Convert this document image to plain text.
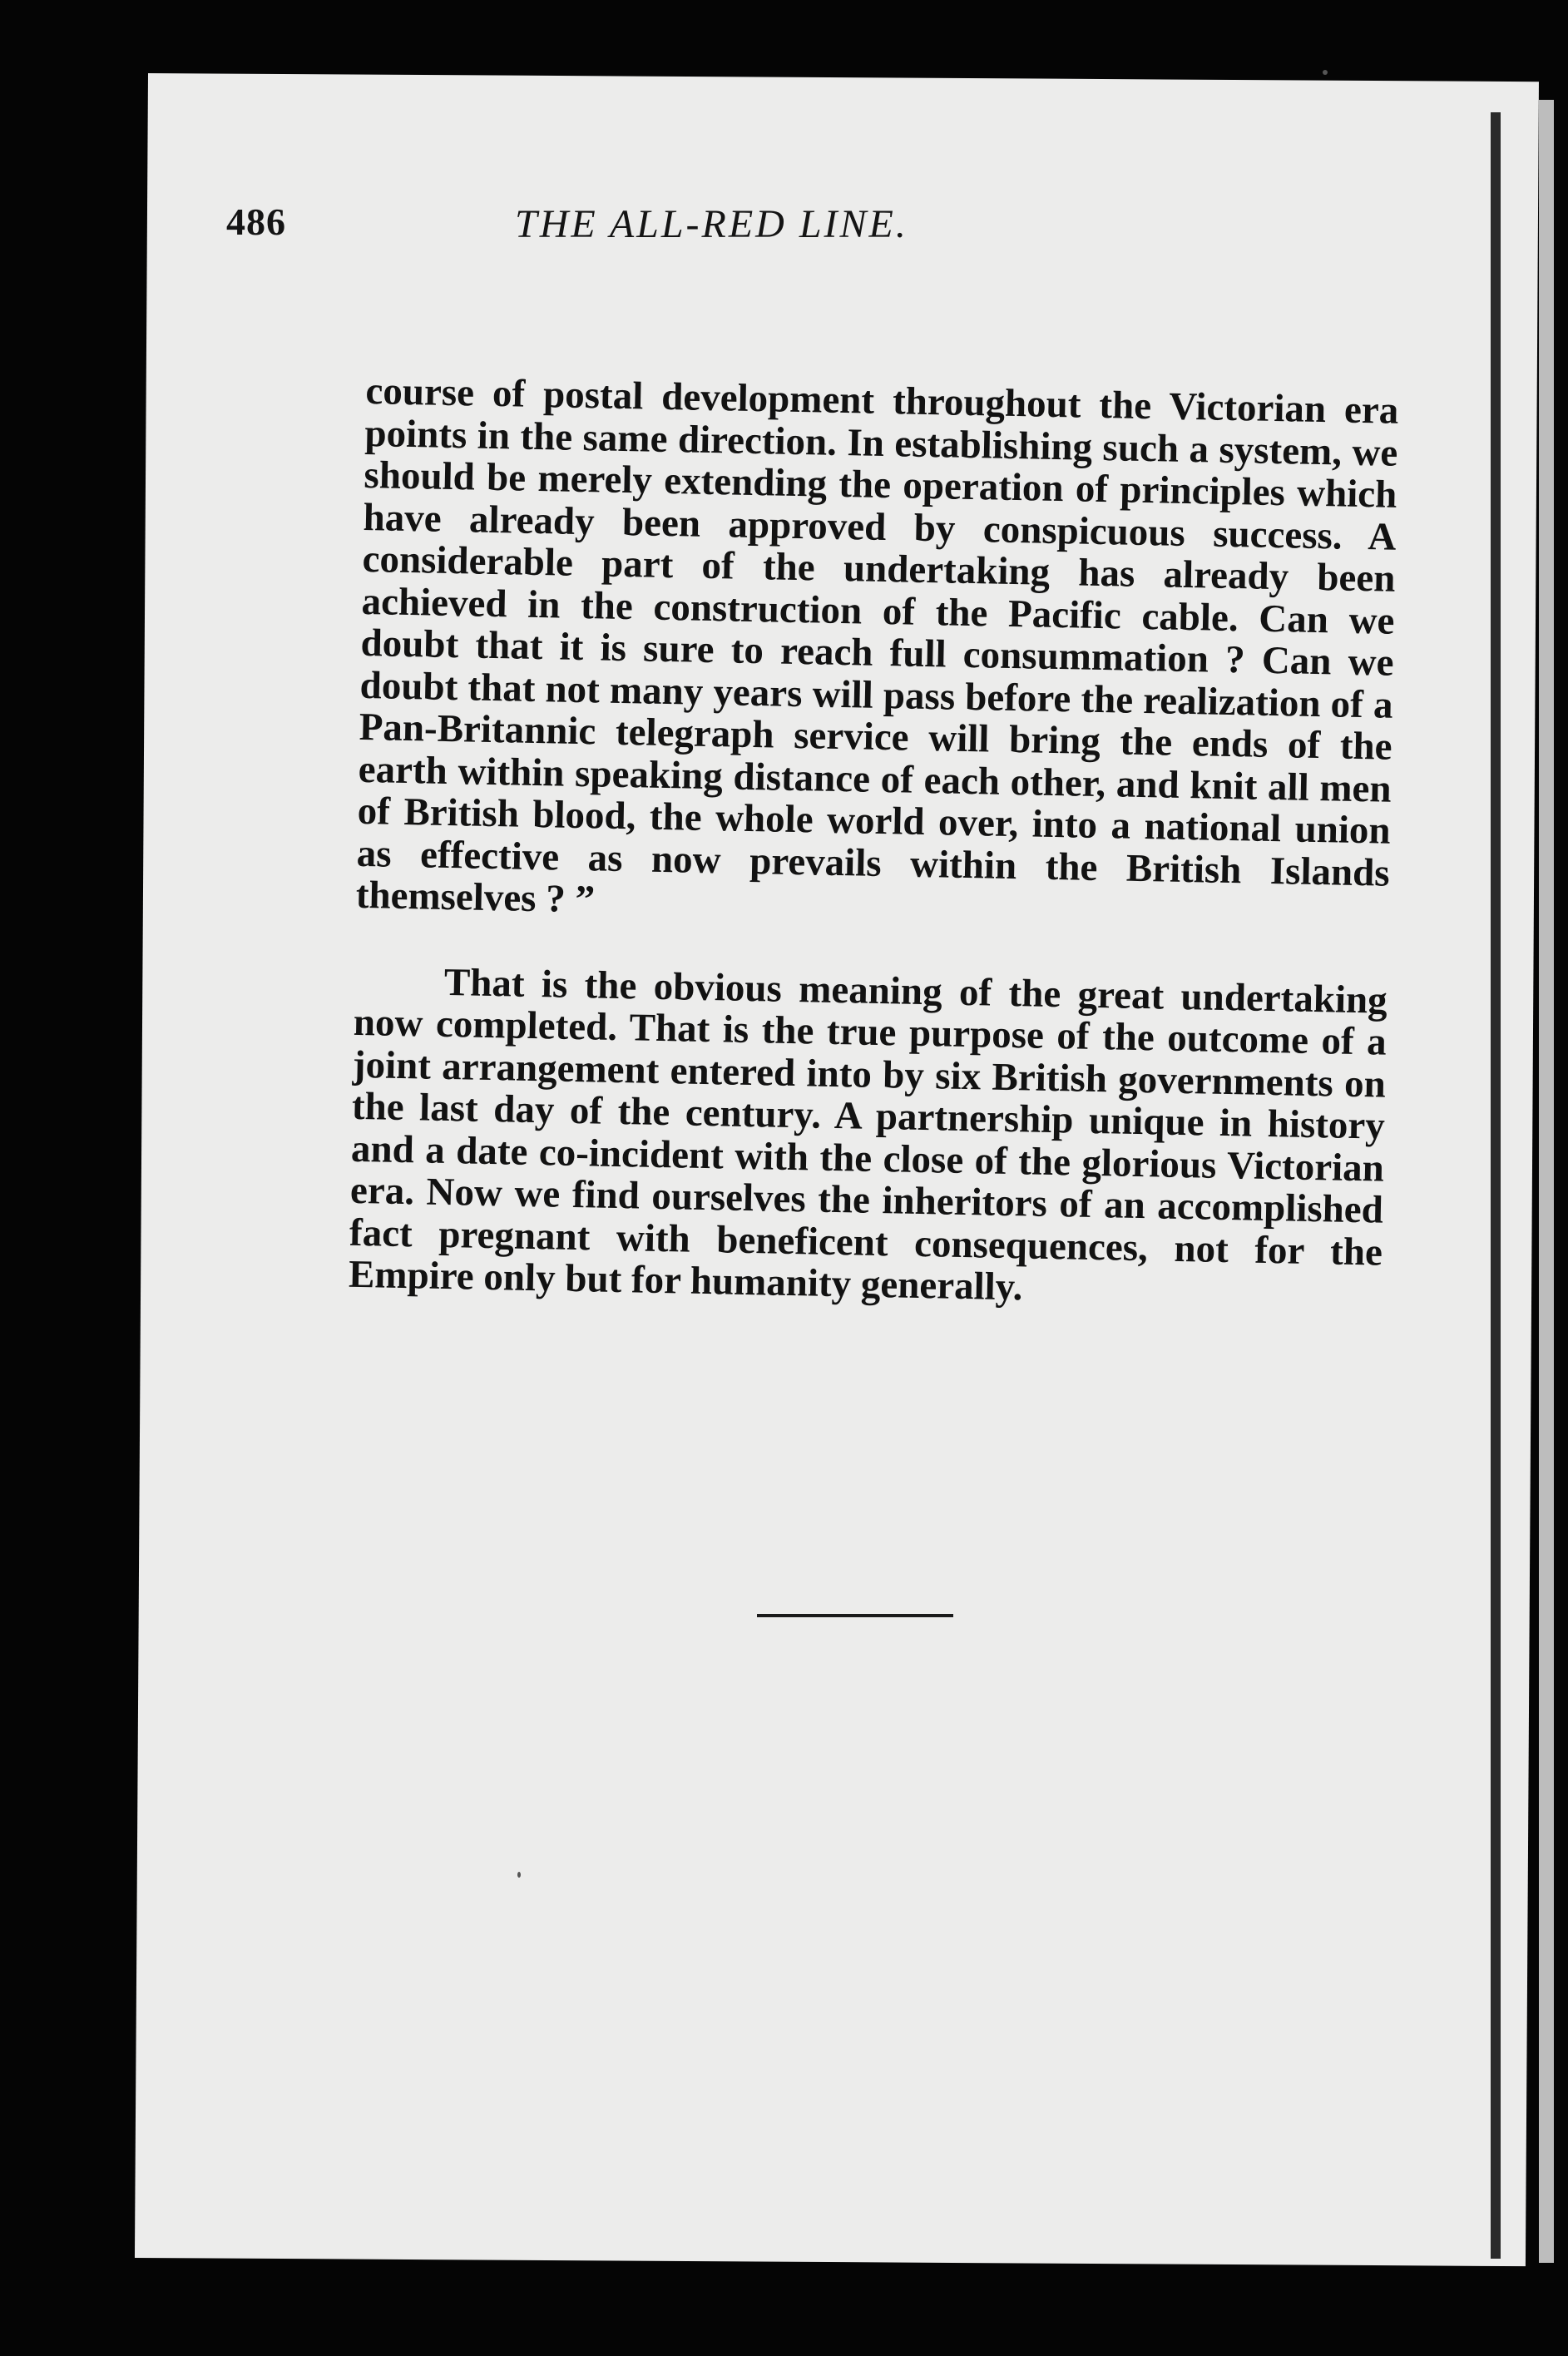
486	THE ALL-RED LINE.

course of postal development throughout the Victorian era points in the same direction. In establishing such a system, we should be merely extending the operation of principles which have already been approved by conspicuous success. A considerable part of the undertaking has already been achieved in the construction of the Pacific cable. Can we doubt that it is sure to reach full consummation ? Can we doubt that not many years will pass before the realization of a Pan-Britannic telegraph service will bring the ends of the earth within speaking distance of each other, and knit all men of British blood, the whole world over, into a national union as effective as now prevails within the British Islands themselves ? ”

That is the obvious meaning of the great undertaking now completed. That is the true purpose of the outcome of a joint arrangement entered into by six British governments on the last day of the century. A partnership unique in history and a date co-incident with the close of the glorious Victorian era. Now we find ourselves the inheritors of an accomplished fact pregnant with beneficent consequences, not for the Empire only but for humanity generally.
